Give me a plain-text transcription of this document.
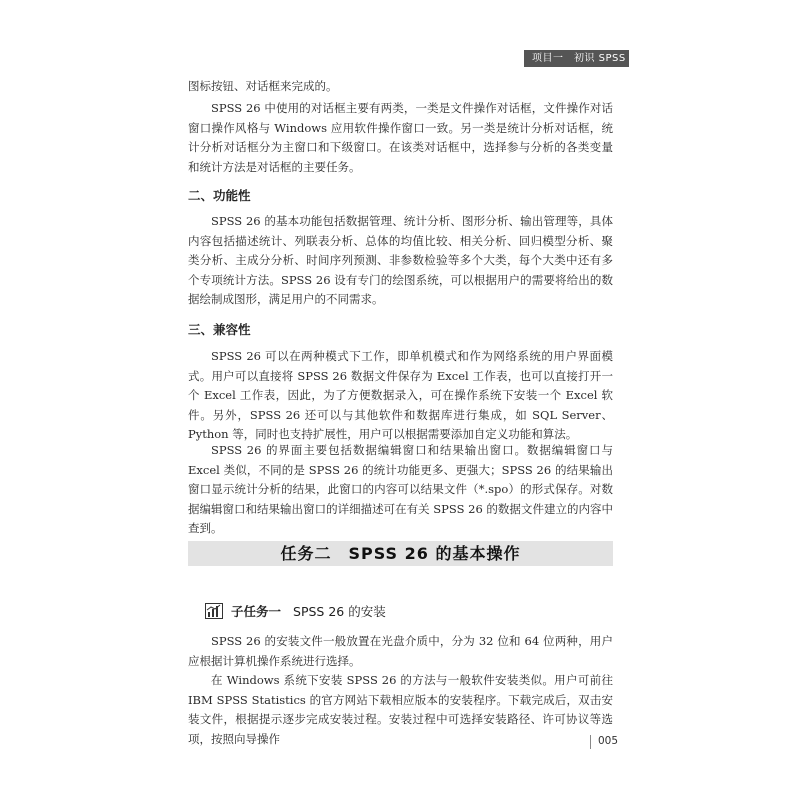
项目一　初识 SPSS

图标按钮、对话框来完成的。

SPSS 26 中使用的对话框主要有两类，一类是文件操作对话框，文件操作对话窗口操作风格与 Windows 应用软件操作窗口一致。另一类是统计分析对话框，统计分析对话框分为主窗口和下级窗口。在该类对话框中，选择参与分析的各类变量和统计方法是对话框的主要任务。

二、功能性

SPSS 26 的基本功能包括数据管理、统计分析、图形分析、输出管理等，具体内容包括描述统计、列联表分析、总体的均值比较、相关分析、回归模型分析、聚类分析、主成分分析、时间序列预测、非参数检验等多个大类，每个大类中还有多个专项统计方法。SPSS 26 设有专门的绘图系统，可以根据用户的需要将给出的数据绘制成图形，满足用户的不同需求。

三、兼容性

SPSS 26 可以在两种模式下工作，即单机模式和作为网络系统的用户界面模式。用户可以直接将 SPSS 26 数据文件保存为 Excel 工作表，也可以直接打开一个 Excel 工作表，因此，为了方便数据录入，可在操作系统下安装一个 Excel 软件。另外，SPSS 26 还可以与其他软件和数据库进行集成，如 SQL Server、Python 等，同时也支持扩展性，用户可以根据需要添加自定义功能和算法。

SPSS 26 的界面主要包括数据编辑窗口和结果输出窗口。数据编辑窗口与 Excel 类似，不同的是 SPSS 26 的统计功能更多、更强大；SPSS 26 的结果输出窗口显示统计分析的结果，此窗口的内容可以结果文件（*.spo）的形式保存。对数据编辑窗口和结果输出窗口的详细描述可在有关 SPSS 26 的数据文件建立的内容中查到。

任务二　SPSS 26 的基本操作
子任务一 SPSS 26 的安装

SPSS 26 的安装文件一般放置在光盘介质中，分为 32 位和 64 位两种，用户应根据计算机操作系统进行选择。

在 Windows 系统下安装 SPSS 26 的方法与一般软件安装类似。用户可前往 IBM SPSS Statistics 的官方网站下载相应版本的安装程序。下载完成后，双击安装文件，根据提示逐步完成安装过程。安装过程中可选择安装路径、许可协议等选项，按照向导操作	005
